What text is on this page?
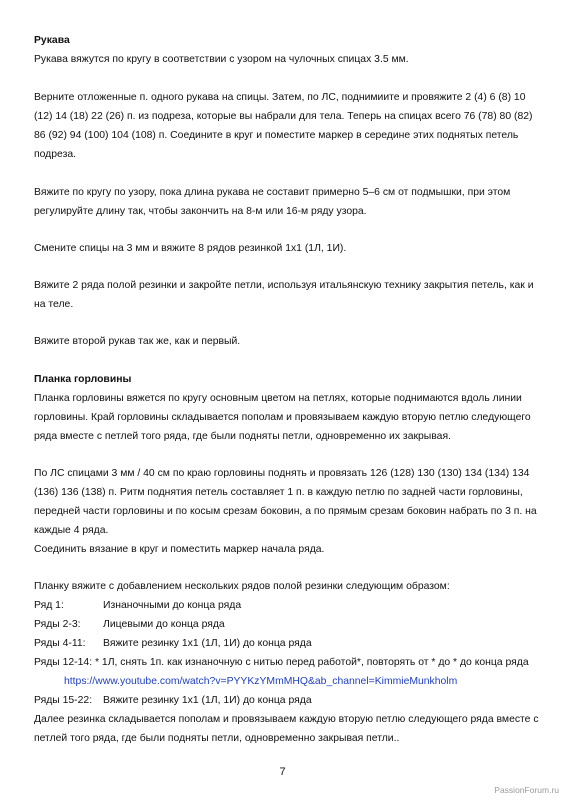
Рукава
Рукава вяжутся по кругу в соответствии с узором на чулочных спицах 3.5 мм.

Верните отложенные п. одного рукава на спицы. Затем, по ЛС, поднимиите и провяжите 2 (4) 6 (8) 10 (12) 14 (18) 22 (26) п. из подреза, которые вы набрали для тела. Теперь на спицах всего 76 (78) 80 (82) 86 (92) 94 (100) 104 (108) п. Соедините в круг и поместите маркер в середине этих поднятых петель подреза.

Вяжите по кругу по узору, пока длина рукава не составит примерно 5–6 см от подмышки, при этом регулируйте длину так, чтобы закончить на 8-м или 16-м ряду узора.

Смените спицы на 3 мм и вяжите 8 рядов резинкой 1х1 (1Л, 1И).

Вяжите 2 ряда полой резинки и закройте петли, используя итальянскую технику закрытия петель, как и на теле.

Вяжите второй рукав так же, как и первый.

Планка горловины

Планка горловины вяжется по кругу основным цветом на петлях, которые поднимаются вдоль линии горловины. Край горловины складывается пополам и провязываем каждую вторую петлю следующего ряда вместе с петлей того ряда, где были подняты петли, одновременно их закрывая.

По ЛС спицами 3 мм / 40 см по краю горловины поднять и провязать 126 (128) 130 (130) 134 (134) 134 (136) 136 (138) п. Ритм поднятия петель составляет 1 п. в каждую петлю по задней части горловины, передней части горловины и по косым срезам боковин, а по прямым срезам боковин набрать по 3 п. на каждые 4 ряда.

Соединить вязание в круг и поместить маркер начала ряда.

Планку вяжите с добавлением нескольких рядов полой резинки следующим образом:

Ряд 1:	Изнаночными до конца ряда
Ряды 2-3: Лицевыми до конца ряда
Ряды 4-11: Вяжите резинку 1х1 (1Л, 1И) до конца ряда

Ряды 12-14: * 1Л, снять 1п. как изнаночную с нитью перед работой*, повторять от * до * до конца ряда
https://www.youtube.com/watch?v=PYYKzYMmMHQ&ab_channel=KimmieMunkholm

Ряды 15-22: Вяжите резинку 1х1 (1Л, 1И) до конца ряда

Далее резинка складывается пополам и провязываем каждую вторую петлю следующего ряда вместе с петлей того ряда, где были подняты петли, одновременно закрывая петли..

7
PassionForum.ru
